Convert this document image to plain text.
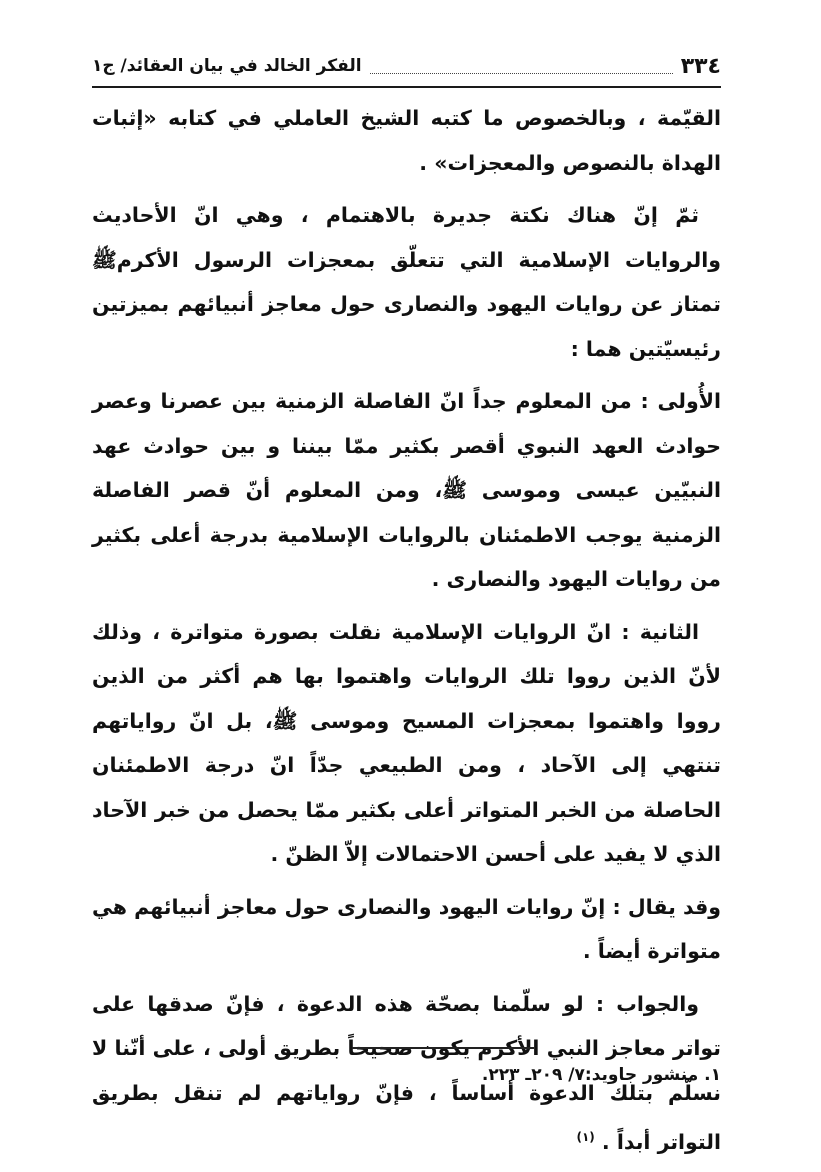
٣٣٤
الفكر الخالد في بيان العقائد/ ج١

القيّمة ، وبالخصوص ما كتبه الشيخ العاملي في كتابه «إثبات الهداة بالنصوص والمعجزات» .

ثمّ إنّ هناك نكتة جديرة بالاهتمام ، وهي انّ الأحاديث والروايات الإسلامية التي تتعلّق بمعجزات الرسول الأكرمﷺ تمتاز عن روايات اليهود والنصارى حول معاجز أنبيائهم بميزتين رئيسيّتين هما :

الأُولى : من المعلوم جداً انّ الفاصلة الزمنية بين عصرنا وعصر حوادث العهد النبوي أقصر بكثير ممّا بيننا و بين حوادث عهد النبيّين عيسى وموسى ﷺ، ومن المعلوم أنّ قصر الفاصلة الزمنية يوجب الاطمئنان بالروايات الإسلامية بدرجة أعلى بكثير من روايات اليهود والنصارى .

الثانية : انّ الروايات الإسلامية نقلت بصورة متواترة ، وذلك لأنّ الذين رووا تلك الروايات واهتموا بها هم أكثر من الذين رووا واهتموا بمعجزات المسيح وموسى ﷺ، بل انّ رواياتهم تنتهي إلى الآحاد ، ومن الطبيعي جدّاً انّ درجة الاطمئنان الحاصلة من الخبر المتواتر أعلى بكثير ممّا يحصل من خبر الآحاد الذي لا يفيد على أحسن الاحتمالات إلاّ الظنّ .

وقد يقال : إنّ روايات اليهود والنصارى حول معاجز أنبيائهم هي متواترة أيضاً .

والجواب : لو سلّمنا بصحّة هذه الدعوة ، فإنّ صدقها على تواتر معاجز النبي الأكرم يكون صحيحاً بطريق أولى ، على أنّنا لا نسلّم بتلك الدعوة أساساً ، فإنّ رواياتهم لم تنقل بطريق التواتر أبداً . $^{(١)}$

١. منشور جاويد:٧/ ٢٠٩ـ ٢٢٣.
